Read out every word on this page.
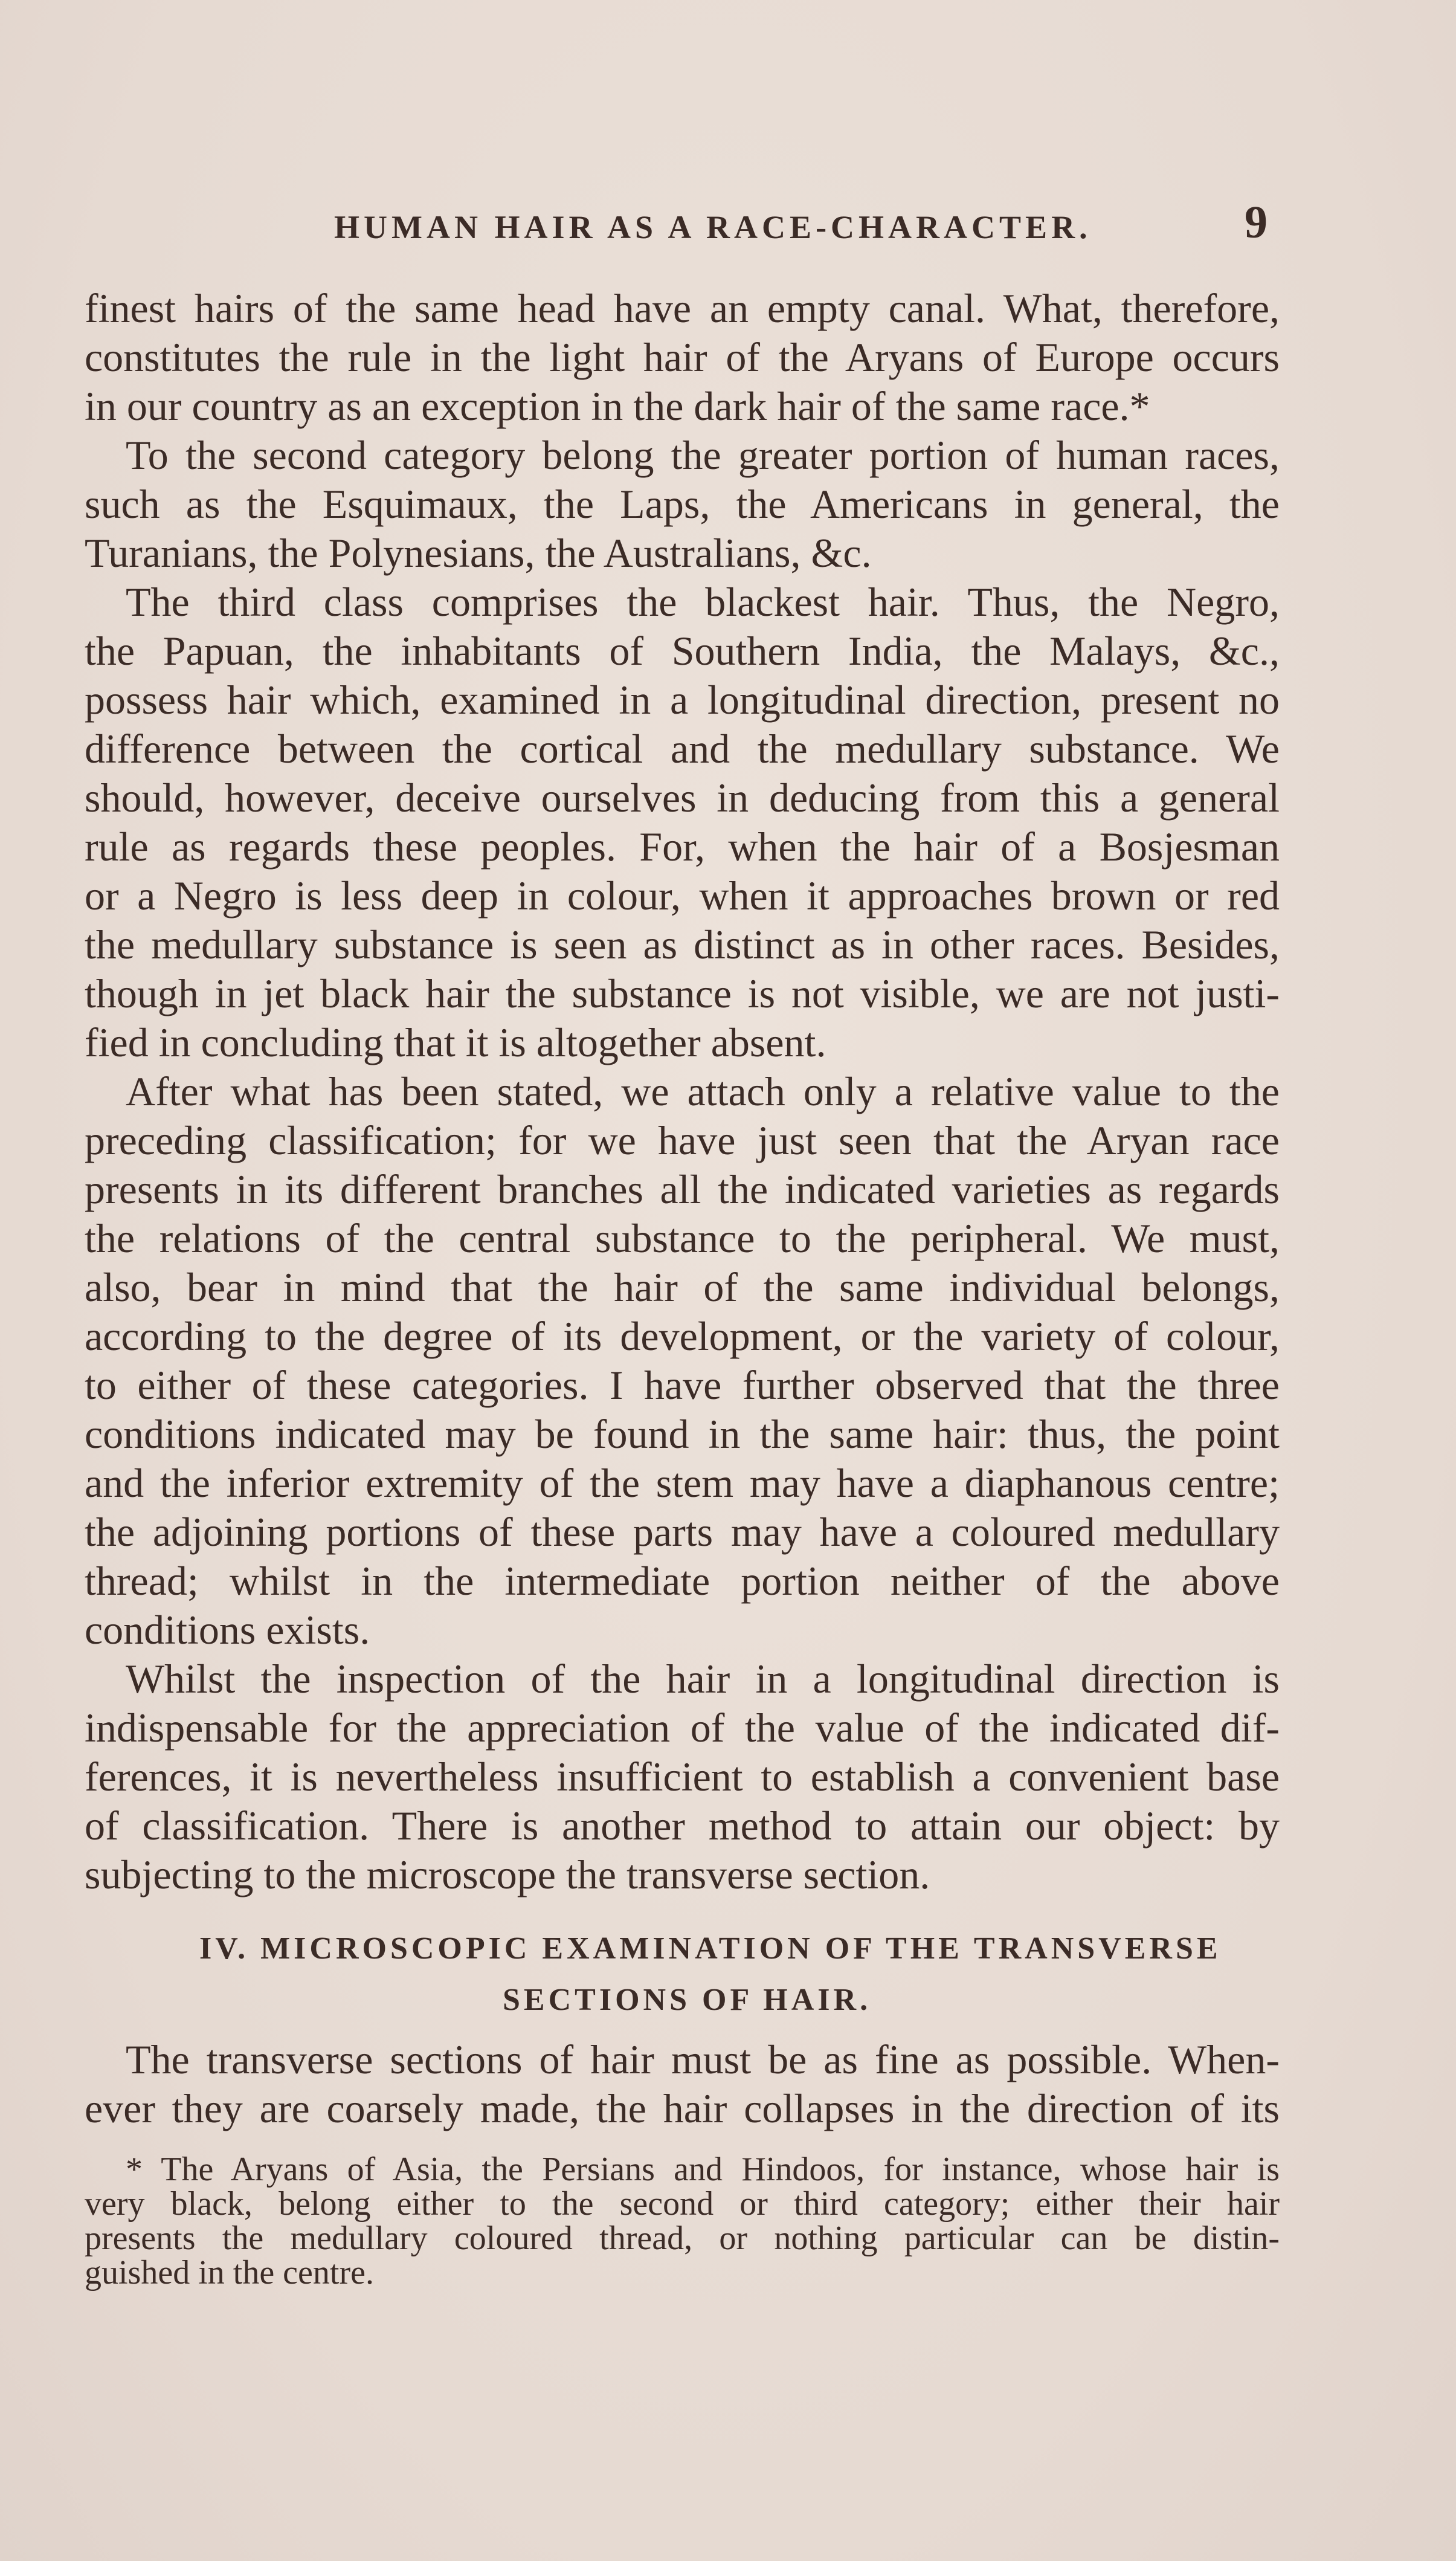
HUMAN HAIR AS A RACE-CHARACTER.	9
finest hairs of the same head have an empty canal. What, therefore,
constitutes the rule in the light hair of the Aryans of Europe occurs
in our country as an exception in the dark hair of the same race.*
To the second category belong the greater portion of human races,
such as the Esquimaux, the Laps, the Americans in general, the
Turanians, the Polynesians, the Australians, &c.
The third class comprises the blackest hair. Thus, the Negro,
the Papuan, the inhabitants of Southern India, the Malays, &c.,
possess hair which, examined in a longitudinal direction, present no
difference between the cortical and the medullary substance. We
should, however, deceive ourselves in deducing from this a general
rule as regards these peoples. For, when the hair of a Bosjesman
or a Negro is less deep in colour, when it approaches brown or red
the medullary substance is seen as distinct as in other races. Besides,
though in jet black hair the substance is not visible, we are not justi-
fied in concluding that it is altogether absent.
After what has been stated, we attach only a relative value to the
preceding classification; for we have just seen that the Aryan race
presents in its different branches all the indicated varieties as regards
the relations of the central substance to the peripheral. We must,
also, bear in mind that the hair of the same individual belongs,
according to the degree of its development, or the variety of colour,
to either of these categories. I have further observed that the three
conditions indicated may be found in the same hair: thus, the point
and the inferior extremity of the stem may have a diaphanous centre;
the adjoining portions of these parts may have a coloured medullary
thread; whilst in the intermediate portion neither of the above
conditions exists.
Whilst the inspection of the hair in a longitudinal direction is
indispensable for the appreciation of the value of the indicated dif-
ferences, it is nevertheless insufficient to establish a convenient base
of classification. There is another method to attain our object: by
subjecting to the microscope the transverse section.
IV. MICROSCOPIC EXAMINATION OF THE TRANSVERSE
SECTIONS OF HAIR.
The transverse sections of hair must be as fine as possible. When-
ever they are coarsely made, the hair collapses in the direction of its
* The Aryans of Asia, the Persians and Hindoos, for instance, whose hair is
very black, belong either to the second or third category; either their hair
presents the medullary coloured thread, or nothing particular can be distin-
guished in the centre.
